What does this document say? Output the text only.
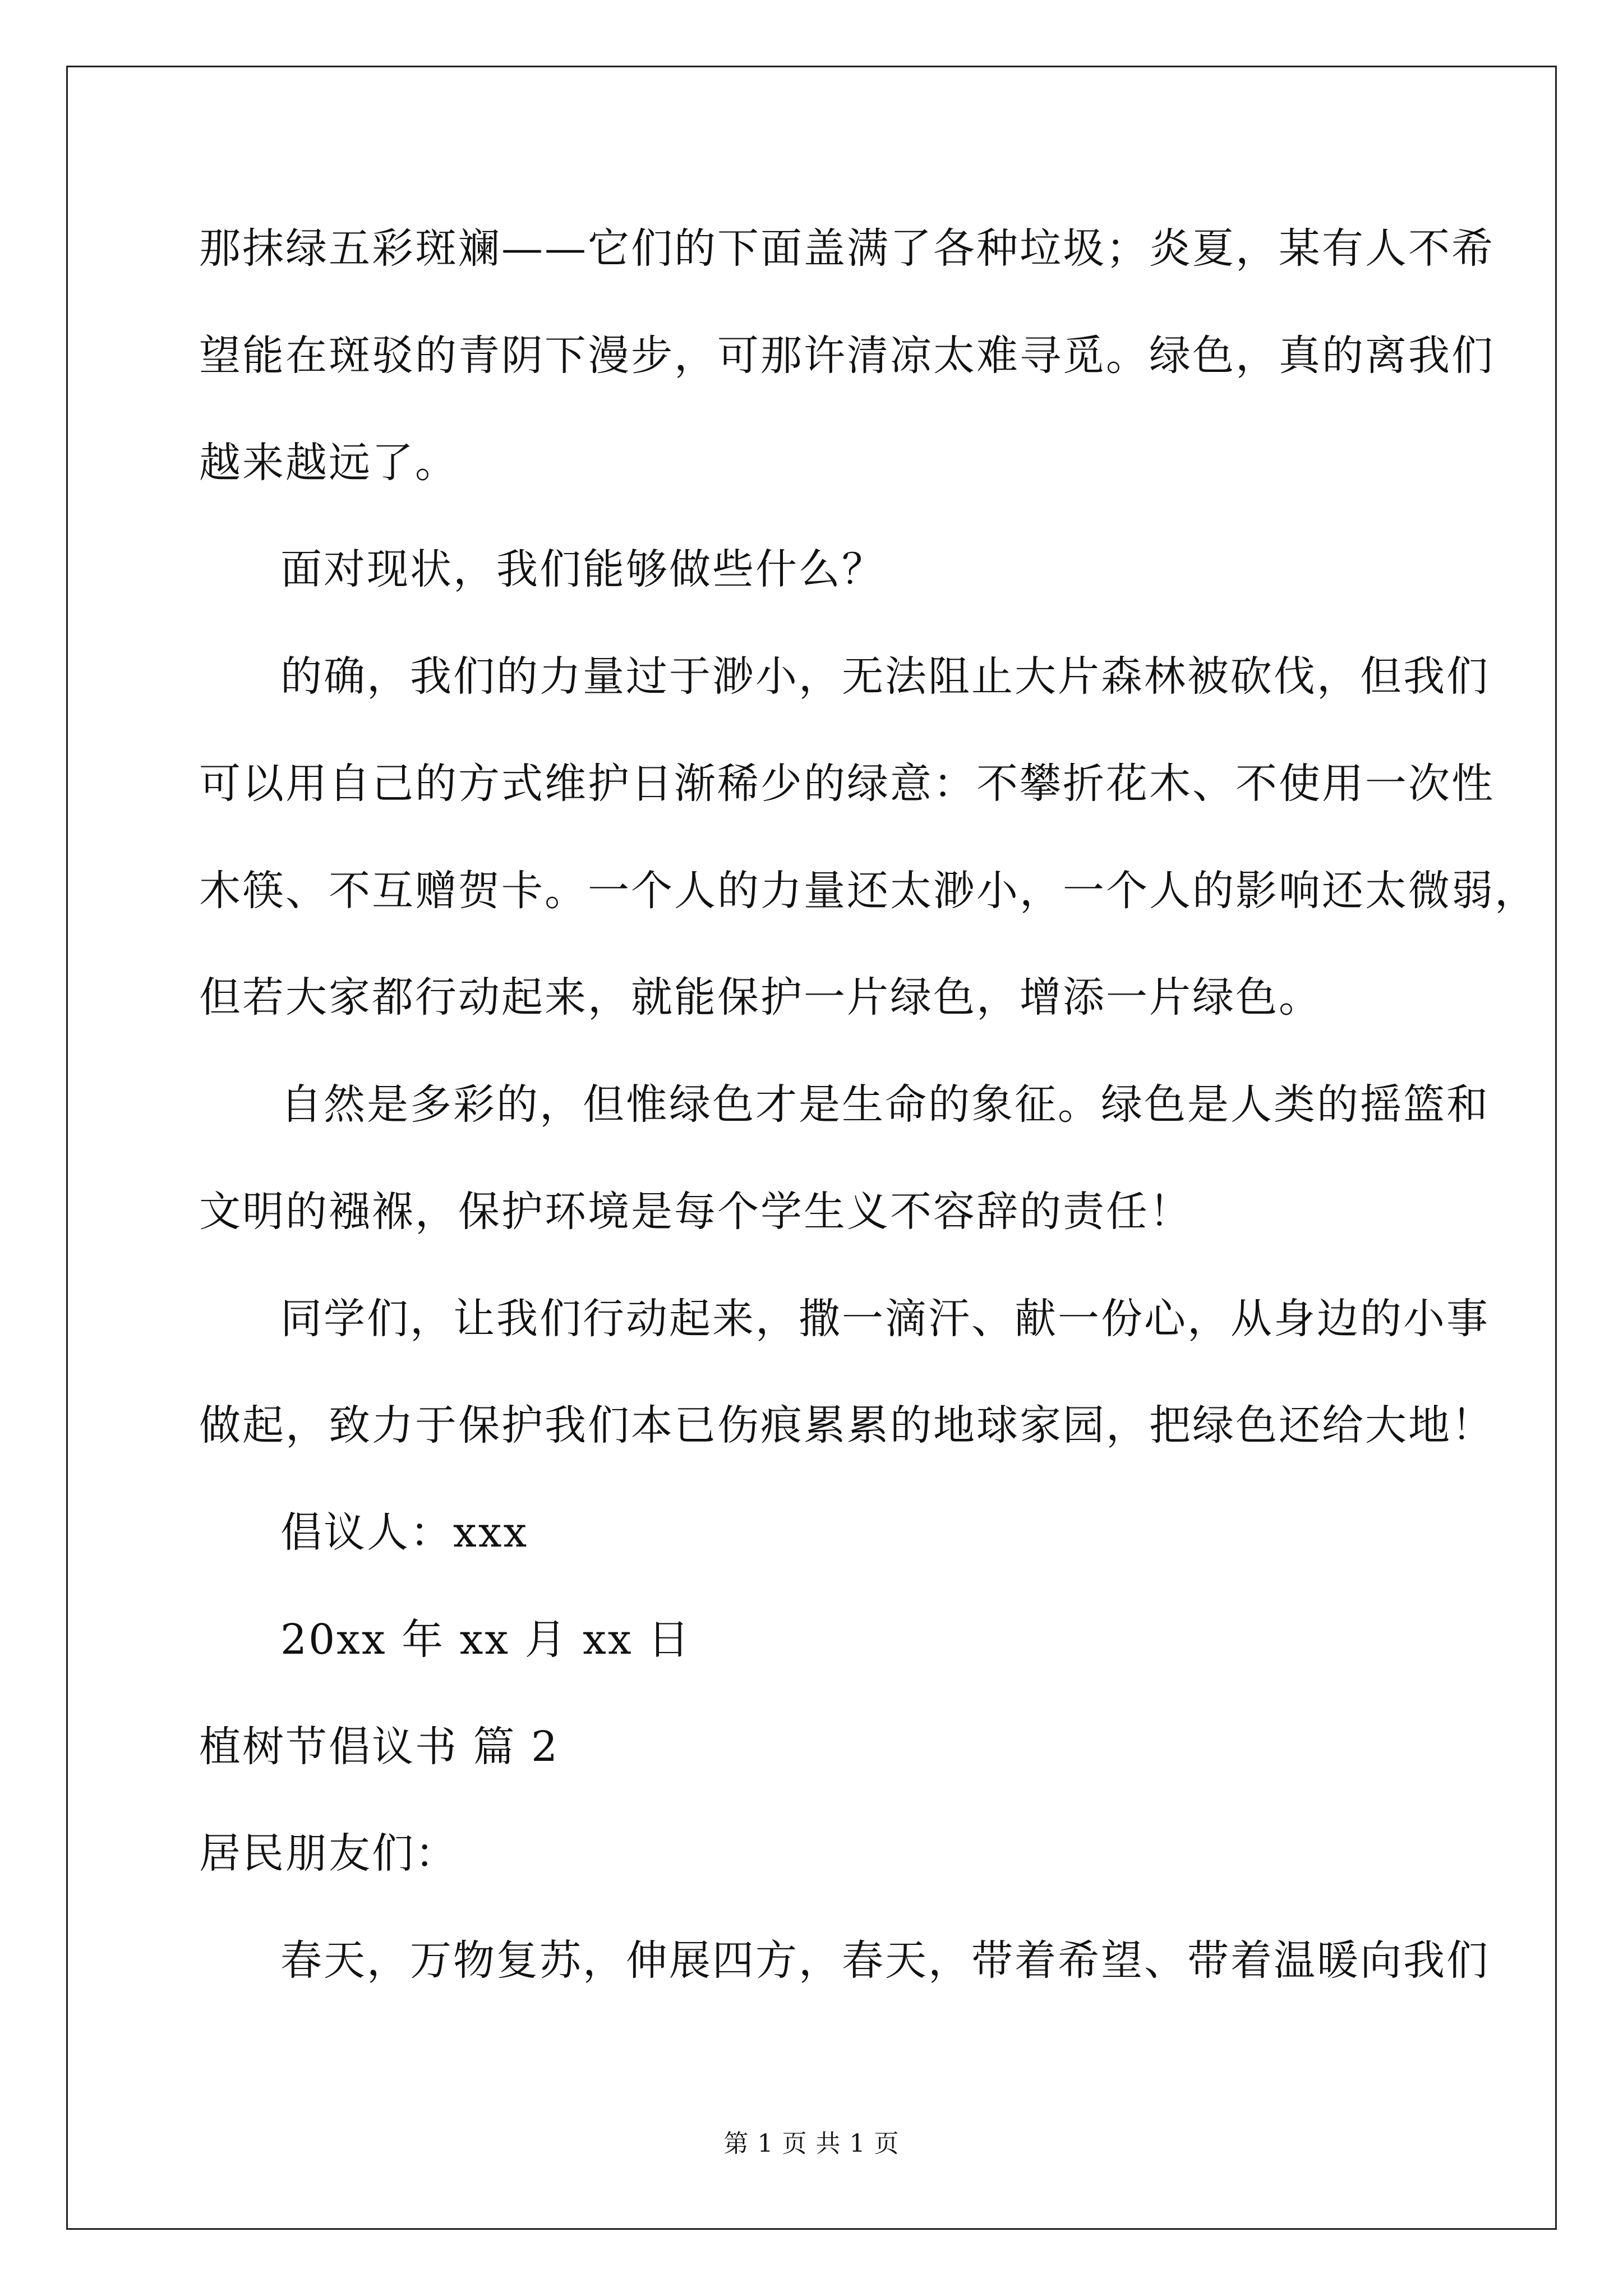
那抹绿五彩斑斓——它们的下面盖满了各种垃圾；炎夏，某有人不希
望能在斑驳的青阴下漫步，可那许清凉太难寻觅。绿色，真的离我们
越来越远了。
面对现状，我们能够做些什么？
的确，我们的力量过于渺小，无法阻止大片森林被砍伐，但我们
可以用自己的方式维护日渐稀少的绿意：不攀折花木、不使用一次性
木筷、不互赠贺卡。一个人的力量还太渺小，一个人的影响还太微弱，
但若大家都行动起来，就能保护一片绿色，增添一片绿色。
自然是多彩的，但惟绿色才是生命的象征。绿色是人类的摇篮和
文明的襁褓，保护环境是每个学生义不容辞的责任！
同学们，让我们行动起来，撒一滴汗、献一份心，从身边的小事
做起，致力于保护我们本已伤痕累累的地球家园，把绿色还给大地！
倡议人：xxx
20xx 年 xx 月 xx 日
植树节倡议书 篇 2
居民朋友们：
春天，万物复苏，伸展四方，春天，带着希望、带着温暖向我们
第 1 页 共 1 页
